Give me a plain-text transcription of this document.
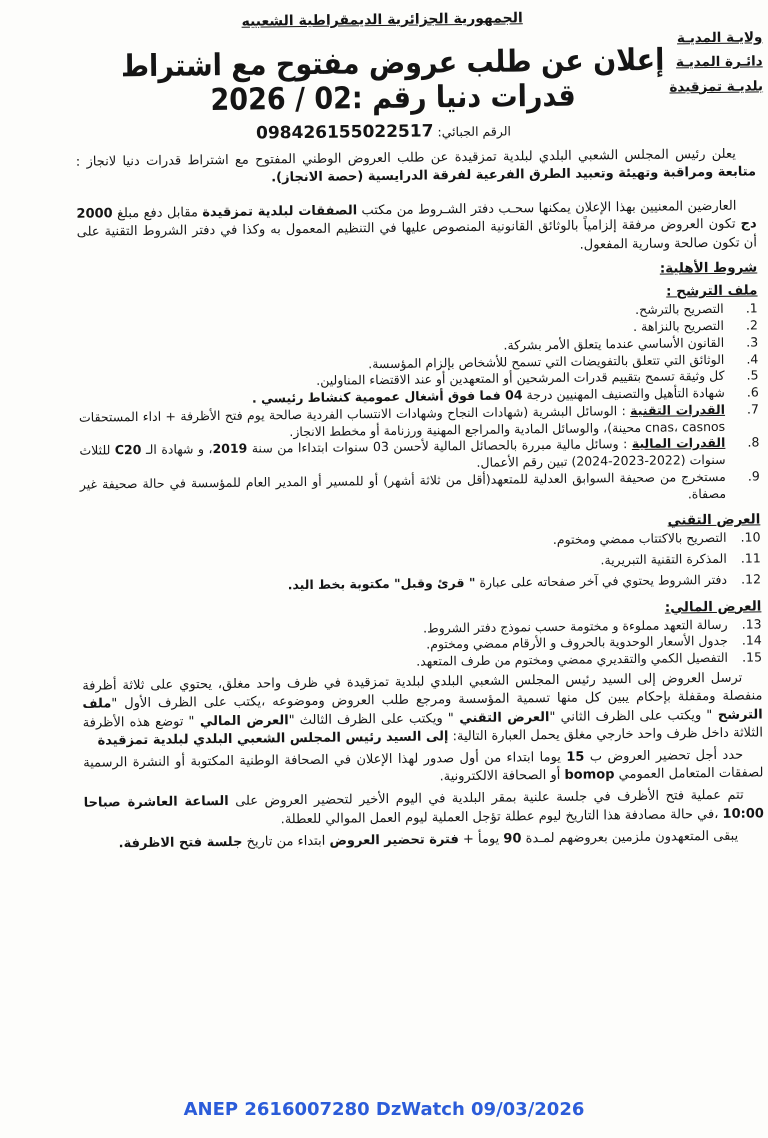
الجمهورية الجزائرية الديمقراطية الشعبيه
ولايـة المديـة
دائـرة المديـة
بلديـة تمزقيدة
إعلان عن طلب عروض مفتوح مع اشتراط قدرات دنيا رقم :02 / 2026
الرقم الجبائي: 098426155022517
يعلن رئيس المجلس الشعبي البلدي لبلدية تمزقيدة عن طلب العروض الوطني المفتوح مع اشتراط قدرات دنيا لانجاز : متابعة ومراقبة وتهيئة وتعبيد الطرق الفرعية لفرقة الدرايسية (حصة الانجاز).
العارضين المعنيين بهذا الإعلان يمكنها سحـب دفتر الشـروط من مكتب الصفقات لبلدية تمزقيدة مقابل دفع مبلغ 2000 دج تكون العروض مرفقة إلزامياً بالوثائق القانونية المنصوص عليها في التنظيم المعمول به وكذا في دفتر الشروط التقنية على أن تكون صالحة وسارية المفعول.
شروط الأهلية:
ملف الترشح :
1.
التصريح بالترشح.
2.
التصريح بالنزاهة .
3.
القانون الأساسي عندما يتعلق الأمر بشركة.
4.
الوثائق التي تتعلق بالتفويضات التي تسمح للأشخاص بإلزام المؤسسة.
5.
كل وثيقة تسمح بتقييم قدرات المرشحين أو المتعهدين أو عند الاقتضاء المناولين.
6.
شهادة التأهيل والتصنيف المهنيين درجة 04 فما فوق أشغال عمومية كنشاط رئيسي .
7.
القدرات التقنية : الوسائل البشرية (شهادات النجاح وشهادات الانتساب الفردية صالحة يوم فتح الأظرفة + اداء المستحقات cnas، casnos محينة)، والوسائل المادية والمراجع المهنية ورزنامة أو مخطط الانجاز.
8.
القدرات المالية : وسائل مالية مبررة بالحصائل المالية لأحسن 03 سنوات ابتداءا من سنة 2019، و شهادة الـ C20 للثلاث سنوات (2024-2023-2022) تبين رقم الأعمال.
9.
مستخرج من صحيفة السوابق العدلية للمتعهد(أقل من ثلاثة أشهر) أو للمسير أو المدير العام للمؤسسة في حالة صحيفة غير مصفاة.
العرض التقني
10.
التصريح بالاكتتاب ممضي ومختوم.
11.
المذكرة التقنية التبريرية.
12.
دفتر الشروط يحتوي في آخر صفحاته على عبارة " قرئ وقبل" مكتوبة بخط اليد.
العرض المالي:
13.
رسالة التعهد مملوءة و مختومة حسب نموذج دفتر الشروط.
14.
جدول الأسعار الوحدوية بالحروف و الأرقام ممضي ومختوم.
15.
التفصيل الكمي والتقديري ممضي ومختوم من طرف المتعهد.
ترسل العروض إلى السيد رئيس المجلس الشعبي البلدي لبلدية تمزقيدة في ظرف واحد مغلق، يحتوي على ثلاثة أظرفة منفصلة ومقفلة بإحكام يبين كل منها تسمية المؤسسة ومرجع طلب العروض وموضوعه ،يكتب على الظرف الأول "ملف الترشح " ويكتب على الظرف الثاني "العرض التقني " ويكتب على الظرف الثالث "العرض المالي " توضع هذه الأظرفة الثلاثة داخل ظرف واحد خارجي مغلق يحمل العبارة التالية: إلى السيد رئيس المجلس الشعبي البلدي لبلدية تمزقيدة
حدد أجل تحضير العروض ب 15 يوما ابتداء من أول صدور لهذا الإعلان في الصحافة الوطنية المكتوبة أو النشرة الرسمية لصفقات المتعامل العمومي bomop أو الصحافة الالكترونية.
تتم عملية فتح الأظرف في جلسة علنية بمقر البلدية في اليوم الأخير لتحضير العروض على الساعة العاشرة صباحا 10:00 ،في حالة مصادفة هذا التاريخ ليوم عطلة تؤجل العملية ليوم العمل الموالي للعطلة.
يبقى المتعهدون ملزمين بعروضهم لمـدة 90 يومأ + فترة تحضير العروض ابتداء من تاريخ جلسة فتح الاظرفة.
ANEP 2616007280 DzWatch 09/03/2026
